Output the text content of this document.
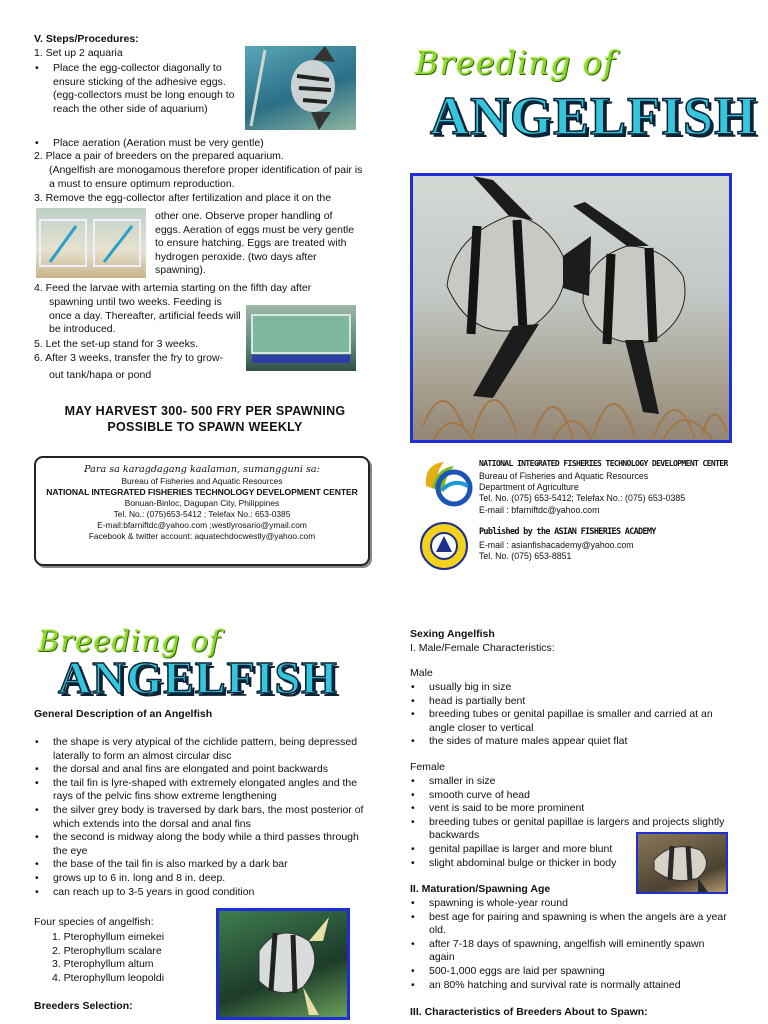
V. Steps/Procedures:
1. Set up 2 aquaria
• Place the egg-collector diagonally to ensure sticking of the adhesive eggs. (egg-collectors must be long enough to reach the other side of aquarium)
• Place aeration (Aeration must be very gentle)
2. Place a pair of breeders on the prepared aquarium.
(Angelfish are monogamous therefore proper identification of pair is a must to ensure optimum reproduction.
3. Remove the egg-collector after fertilization and place it on the
other one. Observe proper handling of eggs. Aeration of eggs must be very gentle to ensure hatching. Eggs are treated with hydrogen peroxide. (two days after spawning).
4. Feed the larvae with artemia starting on the fifth day after
spawning until two weeks. Feeding is once a day. Thereafter, artificial feeds will be introduced.
5. Let the set-up stand for 3 weeks.
6. After 3 weeks, transfer the fry to grow-
out tank/hapa or pond
MAY HARVEST 300- 500 FRY PER SPAWNING
POSSIBLE TO SPAWN WEEKLY

Para sa karagdagang kaalaman, sumangguni sa:

Bureau of Fisheries and Aquatic Resources

NATIONAL INTEGRATED FISHERIES TECHNOLOGY DEVELOPMENT CENTER

Bonuan-Binloc, Dagupan City, Philippines

Tel. No.: (075)653-5412 ; Telefax No.: 653-0385

E-mail:bfarniftdc@yahoo.com ;westlyrosario@ymail.com

Facebook & twitter account: aquatechdocwestly@yahoo.com

Breeding of
ANGELFISH
NATIONAL INTEGRATED FISHERIES TECHNOLOGY DEVELOPMENT CENTER
Bureau of Fisheries and Aquatic Resources
Department of Agriculture
Tel. No. (075) 653-5412; Telefax No.: (075) 653-0385
E-mail : bfarniftdc@yahoo.com
Published by the ASIAN FISHERIES ACADEMY
E-mail : asianfishacademy@yahoo.com
Tel. No. (075) 653-8851
Breeding of
ANGELFISH
General Description of an Angelfish
• the shape is very atypical of the cichlide pattern, being depressed laterally to form an almost circular disc
• the dorsal and anal fins are elongated and point backwards
• the tail fin is lyre-shaped with extremely elongated angles and the rays of the pelvic fins show extreme lengthening
• the silver grey body is traversed by dark bars, the most posterior of which extends into the dorsal and anal fins
• the second is midway along the body while a third passes through the eye
• the base of the tail fin is also marked by a dark bar
• grows up to 6 in. long and 8 in. deep.
• can reach up to 3-5 years in good condition
Four species of angelfish:
1. Pterophyllum eimekei
2. Pterophyllum scalare
3. Pterophyllum altum
4. Pterophyllum leopoldi
Breeders Selection:
Sexing Angelfish
I. Male/Female Characteristics:
Male
• usually big in size
• head is partially bent
• breeding tubes or genital papillae is smaller and carried at an angle closer to vertical
• the sides of mature males appear quiet flat
Female
• smaller in size
• smooth curve of head
• vent is said to be more prominent
• breeding tubes or genital papillae is largers and projects slightly backwards
• genital papillae is larger and more blunt
• slight abdominal bulge or thicker in body
II. Maturation/Spawning Age
• spawning is whole-year round
• best age for pairing and spawning is when the angels are a year old.
• after 7-18 days of spawning, angelfish will eminently spawn again
• 500-1,000 eggs are laid per spawning
• an 80% hatching and survival rate is normally attained
III. Characteristics of Breeders About to Spawn:
